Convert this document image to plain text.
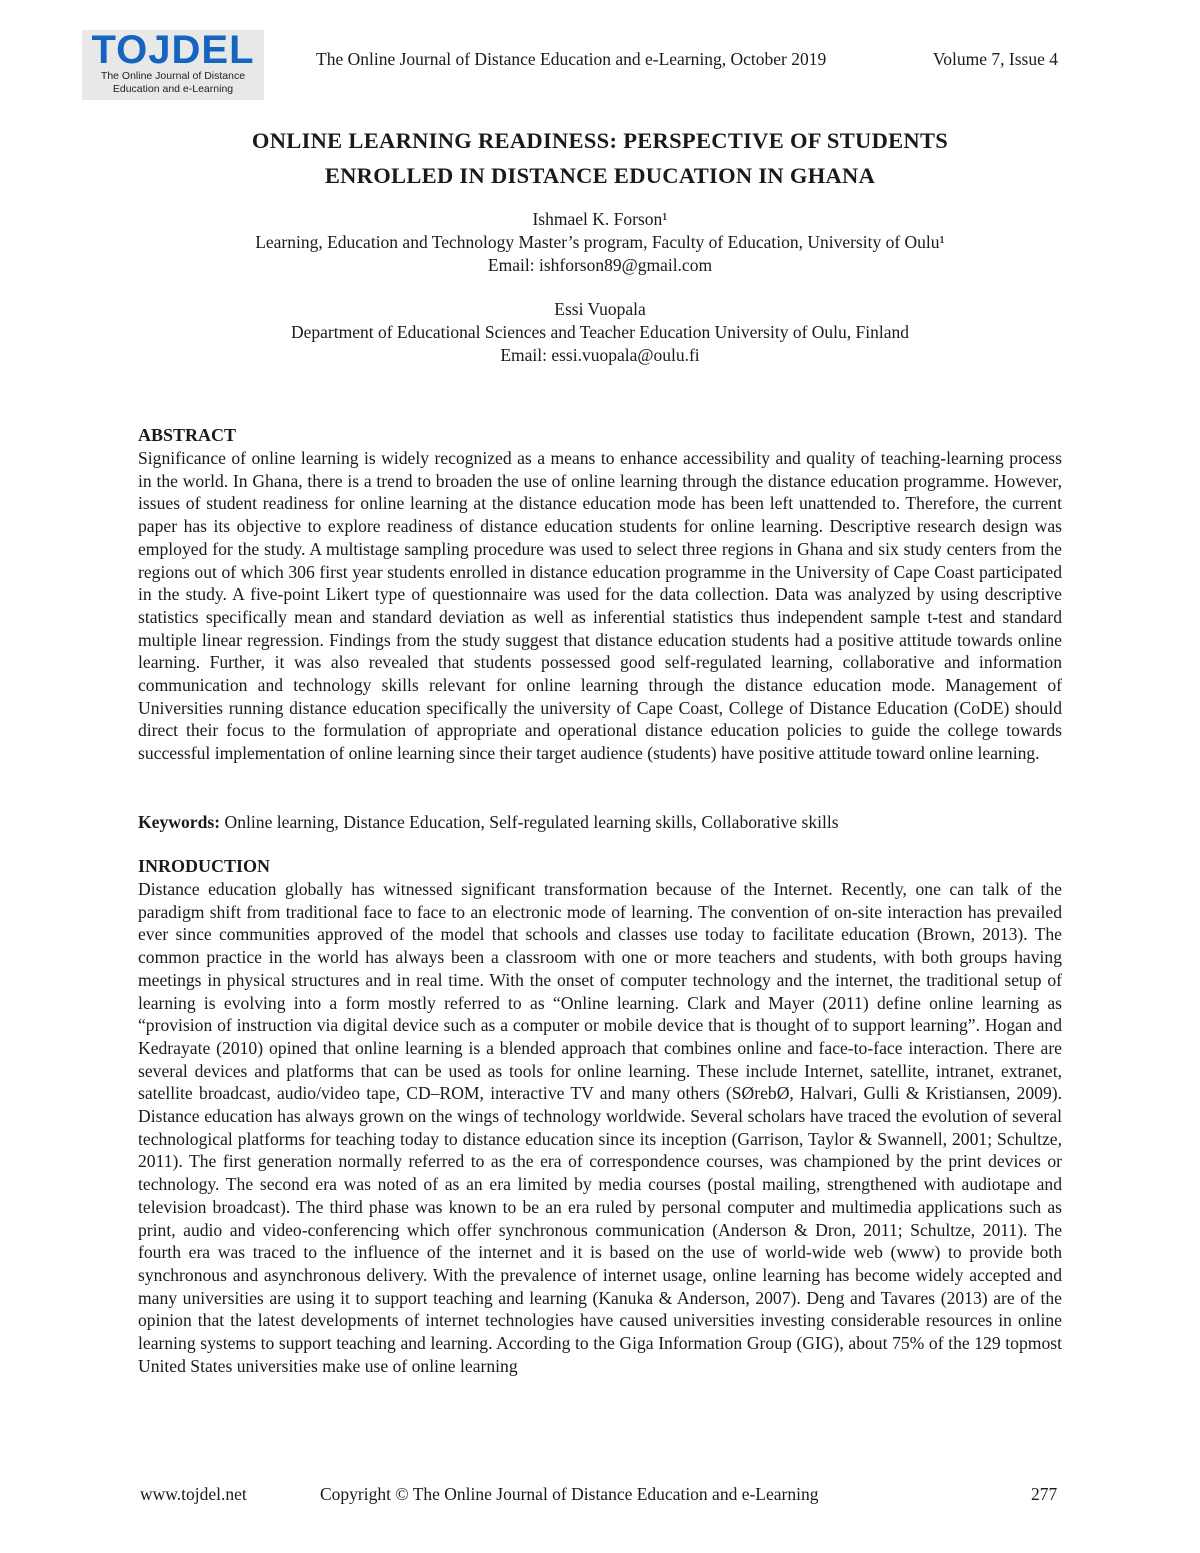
TOJDEL
The Online Journal of Distance
Education and e-Learning
The Online Journal of Distance Education and e-Learning, October 2019	Volume 7, Issue 4
ONLINE LEARNING READINESS: PERSPECTIVE OF STUDENTS
ENROLLED IN DISTANCE EDUCATION IN GHANA
Ishmael K. Forson¹
Learning, Education and Technology Master’s program, Faculty of Education, University of Oulu¹
Email: ishforson89@gmail.com
Essi Vuopala
Department of Educational Sciences and Teacher Education University of Oulu, Finland
Email: essi.vuopala@oulu.fi
ABSTRACT

Significance of online learning is widely recognized as a means to enhance accessibility and quality of teaching-learning process in the world. In Ghana, there is a trend to broaden the use of online learning through the distance education programme. However, issues of student readiness for online learning at the distance education mode has been left unattended to. Therefore, the current paper has its objective to explore readiness of distance education students for online learning. Descriptive research design was employed for the study. A multistage sampling procedure was used to select three regions in Ghana and six study centers from the regions out of which 306 first year students enrolled in distance education programme in the University of Cape Coast participated in the study. A five-point Likert type of questionnaire was used for the data collection. Data was analyzed by using descriptive statistics specifically mean and standard deviation as well as inferential statistics thus independent sample t-test and standard multiple linear regression. Findings from the study suggest that distance education students had a positive attitude towards online learning. Further, it was also revealed that students possessed good self-regulated learning, collaborative and information communication and technology skills relevant for online learning through the distance education mode. Management of Universities running distance education specifically the university of Cape Coast, College of Distance Education (CoDE) should direct their focus to the formulation of appropriate and operational distance education policies to guide the college towards successful implementation of online learning since their target audience (students) have positive attitude toward online learning.

Keywords: Online learning, Distance Education, Self-regulated learning skills, Collaborative skills
INRODUCTION

Distance education globally has witnessed significant transformation because of the Internet. Recently, one can talk of the paradigm shift from traditional face to face to an electronic mode of learning. The convention of on-site interaction has prevailed ever since communities approved of the model that schools and classes use today to facilitate education (Brown, 2013). The common practice in the world has always been a classroom with one or more teachers and students, with both groups having meetings in physical structures and in real time. With the onset of computer technology and the internet, the traditional setup of learning is evolving into a form mostly referred to as “Online learning. Clark and Mayer (2011) define online learning as “provision of instruction via digital device such as a computer or mobile device that is thought of to support learning”. Hogan and Kedrayate (2010) opined that online learning is a blended approach that combines online and face-to-face interaction. There are several devices and platforms that can be used as tools for online learning. These include Internet, satellite, intranet, extranet, satellite broadcast, audio/video tape, CD–ROM, interactive TV and many others (SØrebØ, Halvari, Gulli & Kristiansen, 2009). Distance education has always grown on the wings of technology worldwide. Several scholars have traced the evolution of several technological platforms for teaching today to distance education since its inception (Garrison, Taylor & Swannell, 2001; Schultze, 2011). The first generation normally referred to as the era of correspondence courses, was championed by the print devices or technology. The second era was noted of as an era limited by media courses (postal mailing, strengthened with audiotape and television broadcast). The third phase was known to be an era ruled by personal computer and multimedia applications such as print, audio and video-conferencing which offer synchronous communication (Anderson & Dron, 2011; Schultze, 2011). The fourth era was traced to the influence of the internet and it is based on the use of world-wide web (www) to provide both synchronous and asynchronous delivery. With the prevalence of internet usage, online learning has become widely accepted and many universities are using it to support teaching and learning (Kanuka & Anderson, 2007). Deng and Tavares (2013) are of the opinion that the latest developments of internet technologies have caused universities investing considerable resources in online learning systems to support teaching and learning. According to the Giga Information Group (GIG), about 75% of the 129 topmost United States universities make use of online learning

www.tojdel.net	Copyright © The Online Journal of Distance Education and e-Learning	277
